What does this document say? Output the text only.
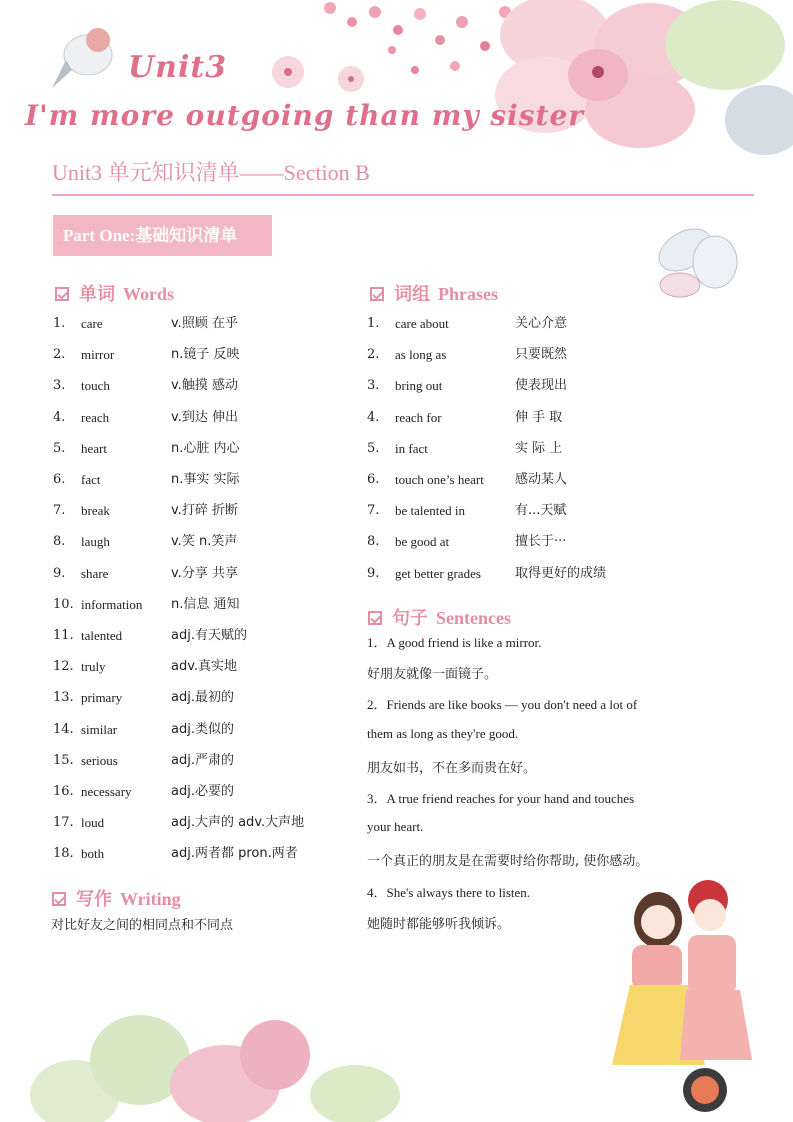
Unit3
I'm more outgoing than my sister
Unit3 单元知识清单——Section B
Part One:基础知识清单
单词 Words	词组 Phrases
句子 Sentences
写作 Writing
1. care	v.照顾 在乎
2. mirror	n.镜子 反映
3. touch	v.触摸 感动
4. reach	v.到达 伸出
5. heart	n.心脏 内心
6. fact	n.事实 实际
7. break	v.打碎 折断
8. laugh	v.笑 n.笑声
9. share	v.分享 共享
10. information n.信息 通知
11. talented	adj.有天赋的
12. truly	adv.真实地
13. primary	adj.最初的
14. similar	adj.类似的
15. serious	adj.严肃的
16. necessary	adj.必要的
17. loud	adj.大声的 adv.大声地
18. both	adj.两者都 pron.两者
1. care about	关心介意
2. as long as	只要既然
3. bring out	使表现出
4. reach for	伸 手 取
5. in fact	实 际 上
6. touch one’s heart 感动某人
7. be talented in	有...天赋
8. be good at	擅长于···
9. get better grades	取得更好的成绩
1．A good friend is like a mirror.
好朋友就像一面镜子。
2．Friends are like books — you don't need a lot of
them as long as they're good.
朋友如书，不在多而贵在好。
3．A true friend reaches for your hand and touches
your heart.
一个真正的朋友是在需要时给你帮助, 使你感动。
4．She's always there to listen.
她随时都能够听我倾诉。
对比好友之间的相同点和不同点
